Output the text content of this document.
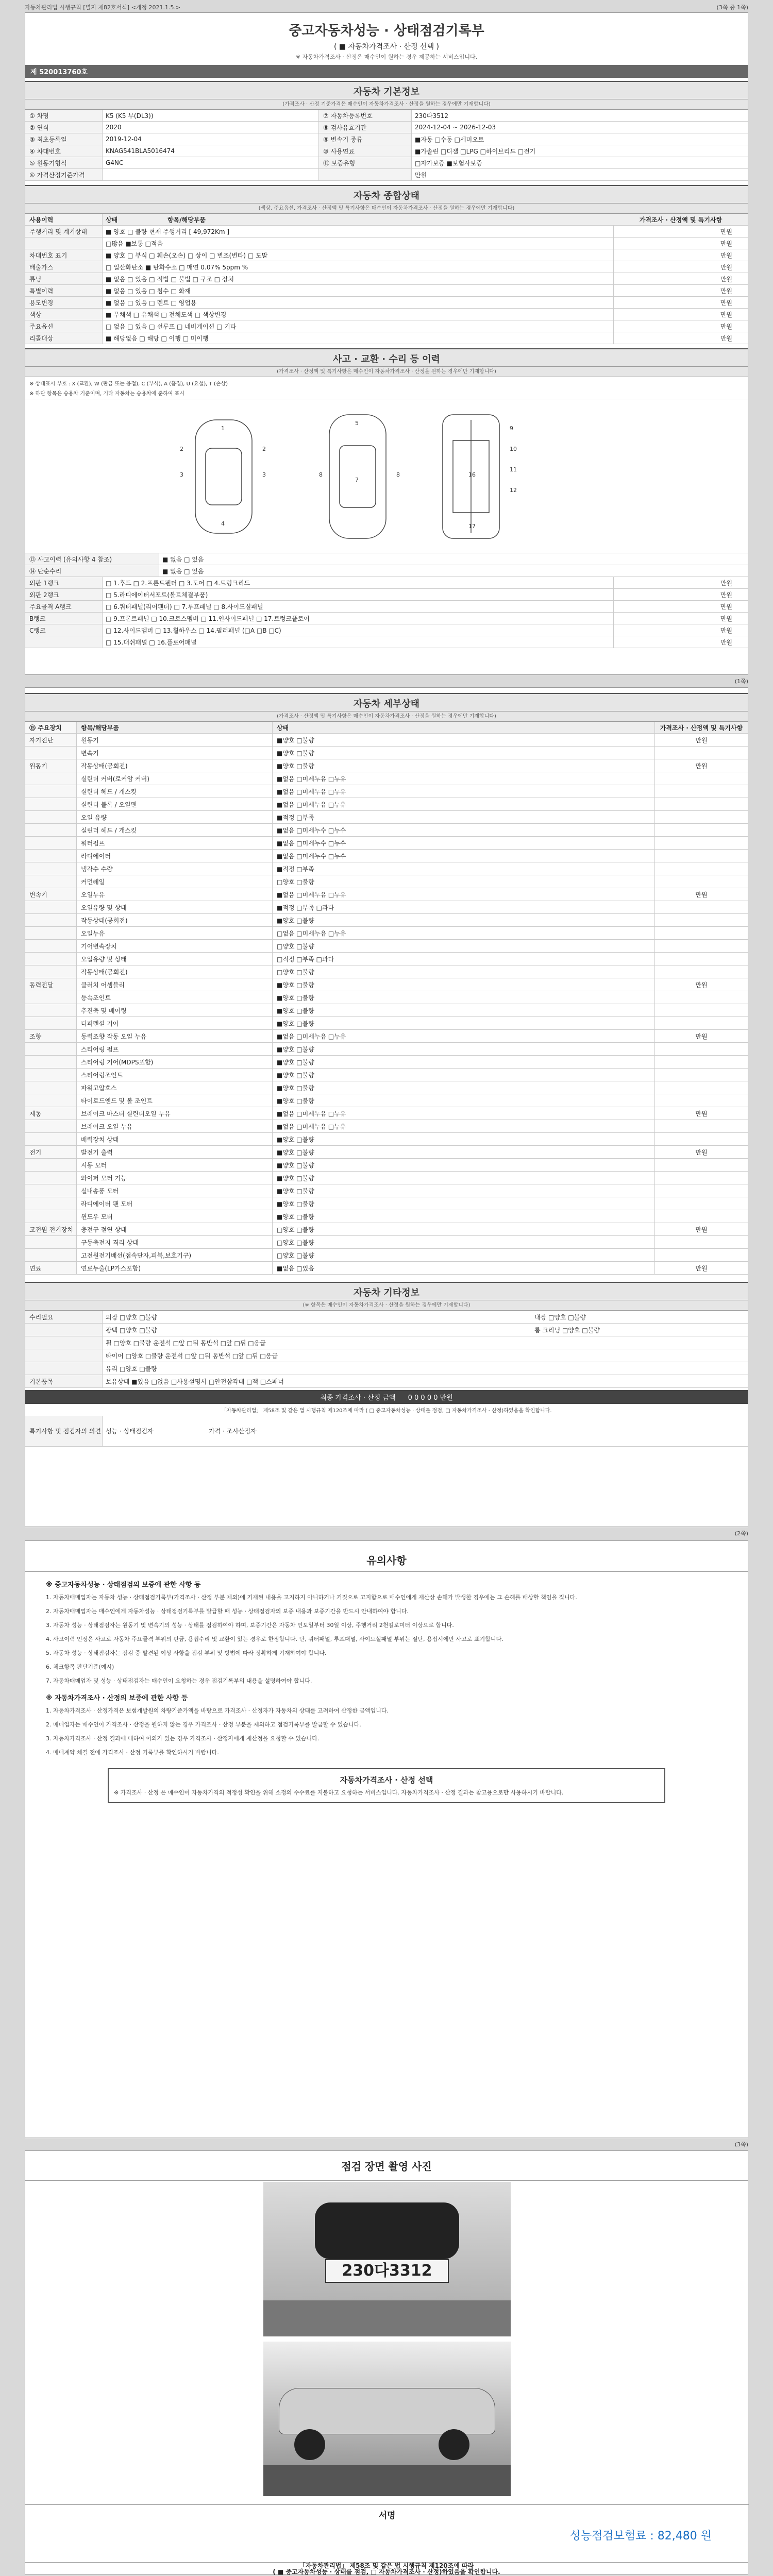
자동차관리법 시행규칙 [별지 제82호서식] <개정 2021.1.5.>	(3쪽 중 1쪽)
중고자동차성능 · 상태점검기록부
( ■ 자동차가격조사 · 산정 선택 )
※ 자동차가격조사 · 산정은 매수인이 원하는 경우 제공하는 서비스입니다.
제 520013760호
자동차 기본정보
(가격조사 · 산정 기준가격은 매수인이 자동차가격조사 · 산정을 원하는 경우에만 기재합니다)
① 차명	K5 (K5 부(DL3))	⑦ 자동차등록번호	230다3512
② 연식	2020	⑧ 검사유효기간	2024-12-04 ~ 2026-12-03
③ 최초등록일	2019-12-04	⑨ 변속기 종류	■자동 □수동 □세미오토
④ 차대번호	KNAG541BLA5016474	⑩ 사용연료	■가솔린 □디젤 □LPG □하이브리드 □전기
⑤ 원동기형식	G4NC	⑪ 보증유형	□자가보증 ■보험사보증
⑥ 가격산정기준가격	만원
자동차 종합상태
(색상, 주요옵션, 가격조사 · 산정액 및 특기사항은 매수인이 자동차가격조사 · 산정을 원하는 경우에만 기재합니다)
사용이력	상태	항목/해당부품	가격조사 · 산정액 및 특기사항
주행거리 및 계기상태	■ 양호 □ 불량 현재 주행거리 [ 49,972Km ]	만원
□많음 ■보통 □적음	만원
차대번호 표기	■ 양호 □ 부식 □ 훼손(오손) □ 상이 □ 변조(변타) □ 도말	만원
배출가스	□ 일산화탄소 ■ 탄화수소 □ 매연 0.07% 5ppm %	만원
튜닝	■ 없음 □ 있음 □ 적법 □ 불법 □ 구조 □ 장치	만원
특별이력	■ 없음 □ 있음 □ 침수 □ 화재	만원
용도변경	■ 없음 □ 있음 □ 렌트 □ 영업용	만원
색상	■ 무채색 □ 유채색 □ 전체도색 □ 색상변경	만원
주요옵션	□ 없음 □ 있음 □ 선루프 □ 네비게이션 □ 기타	만원
리콜대상	■ 해당없음 □ 해당 □ 이행 □ 미이행	만원
사고 · 교환 · 수리 등 이력
(가격조사 · 산정액 및 특기사항은 매수인이 자동차가격조사 · 산정을 원하는 경우에만 기재합니다)
※ 상태표시 부호 : X (교환), W (판금 또는 용접), C (부식), A (흠집), U (요철), T (손상)
※ 하단 항목은 승용차 기준이며, 기타 자동차는 승용차에 준하여 표시
1
2	2
3	3
4
5
7
8	8
9
10
11
12
16
17
⑬ 사고이력 (유의사항 4 참조)	■ 없음 □ 있음
⑭ 단순수리	■ 없음 □ 있음
외판 1랭크	□ 1.후드 □ 2.프론트펜더 □ 3.도어 □ 4.트렁크리드	만원
외판 2랭크	□ 5.라디에이터서포트(볼트체결부품)	만원
주요골격 A랭크	□ 6.쿼터패널(리어펜더) □ 7.루프패널 □ 8.사이드실패널	만원
B랭크	□ 9.프론트패널 □ 10.크로스멤버 □ 11.인사이드패널 □ 17.트렁크플로어	만원
C랭크	□ 12.사이드멤버 □ 13.휠하우스 □ 14.필러패널 (□A □B □C)	만원
□ 15.대쉬패널 □ 16.플로어패널	만원
(1쪽)
자동차 세부상태
(가격조사 · 산정액 및 특기사항은 매수인이 자동차가격조사 · 산정을 원하는 경우에만 기재합니다)
⑮ 주요장치	항목/해당부품	상태	가격조사 · 산정액 및 특기사항
자기진단	원동기	■양호 □불량	만원
변속기	■양호 □불량
원동기	작동상태(공회전)	■양호 □불량	만원
실린더 커버(로커암 커버)	■없음 □미세누유 □누유
실린더 헤드 / 개스킷	■없음 □미세누유 □누유
실린더 블록 / 오일팬	■없음 □미세누유 □누유
오일 유량	■적정 □부족
실린더 헤드 / 개스킷	■없음 □미세누수 □누수
워터펌프	■없음 □미세누수 □누수
라디에이터	■없음 □미세누수 □누수
냉각수 수량	■적정 □부족
커먼레일	□양호 □불량
변속기	오일누유	■없음 □미세누유 □누유	만원
오일유량 및 상태	■적정 □부족 □과다
작동상태(공회전)	■양호 □불량
오일누유	□없음 □미세누유 □누유
기어변속장치	□양호 □불량
오일유량 및 상태	□적정 □부족 □과다
작동상태(공회전)	□양호 □불량
동력전달	클러치 어셈블리	■양호 □불량	만원
등속조인트	■양호 □불량
추진축 및 베어링	■양호 □불량
디퍼렌셜 기어	■양호 □불량
조향	동력조향 작동 오일 누유	■없음 □미세누유 □누유	만원
스티어링 펌프	■양호 □불량
스티어링 기어(MDPS포함)	■양호 □불량
스티어링조인트	■양호 □불량
파워고압호스	■양호 □불량
타이로드엔드 및 볼 조인트	■양호 □불량
제동	브레이크 마스터 실린더오일 누유	■없음 □미세누유 □누유	만원
브레이크 오일 누유	■없음 □미세누유 □누유
배력장치 상태	■양호 □불량
전기	발전기 출력	■양호 □불량	만원
시동 모터	■양호 □불량
와이퍼 모터 기능	■양호 □불량
실내송풍 모터	■양호 □불량
라디에이터 팬 모터	■양호 □불량
윈도우 모터	■양호 □불량
고전원 전기장치	충전구 절연 상태	□양호 □불량	만원
구동축전지 격리 상태	□양호 □불량
고전원전기배선(접속단자,피복,보호기구)	□양호 □불량
연료	연료누출(LP가스포함)	■없음 □있음	만원
자동차 기타정보
(※ 항목은 매수인이 자동차가격조사 · 산정을 원하는 경우에만 기재합니다)
수리필요	외장 □양호 □불량	내장 □양호 □불량
광택 □양호 □불량	룸 크리닝 □양호 □불량
휠 □양호 □불량 운전석 □앞 □뒤 동반석 □앞 □뒤 □응급
타이어 □양호 □불량 운전석 □앞 □뒤 동반석 □앞 □뒤 □응급
유리 □양호 □불량
기본품목	보유상태 ■있음 □없음 □사용설명서 □안전삼각대 □잭 □스패너
최종 가격조사 · 산정 금액 0 0 0 0 0 만원
「자동차관리법」 제58조 및 같은 법 시행규칙 제120조에 따라 ( □ 중고자동차성능 · 상태를 점검, □ 자동차가격조사 · 산정)하였음을 확인합니다.
특기사항 및 점검자의 의견 성능 · 상태점검자	가격 · 조사산정자
(2쪽)
유의사항
※ 중고자동차성능 · 상태점검의 보증에 관한 사항 등
1. 자동차매매업자는 자동차 성능 · 상태점검기록부(가격조사 · 산정 부분 제외)에 기재된 내용을 고지하지 아니하거나 거짓으로 고지함으로 매수인에게 재산상 손해가 발생한 경우에는 그 손해를 배상할 책임을 집니다.
2. 자동차매매업자는 매수인에게 자동차성능 · 상태점검기록부를 발급할 때 성능 · 상태점검자의 보증 내용과 보증기간을 반드시 안내하여야 합니다.
3. 자동차 성능 · 상태점검자는 원동기 및 변속기의 성능 · 상태를 점검하여야 하며, 보증기간은 자동차 인도일부터 30일 이상, 주행거리 2천킬로미터 이상으로 합니다.
4. 사고이력 인정은 사고로 자동차 주요골격 부위의 판금, 용접수리 및 교환이 있는 경우로 한정합니다. 단, 쿼터패널, 루프패널, 사이드실패널 부위는 절단, 용접시에만 사고로 표기합니다.
5. 자동차 성능 · 상태점검자는 점검 중 발견된 이상 사항을 점검 부위 및 방법에 따라 정확하게 기재하여야 합니다.
6. 체크항목 판단기준(예시)
7. 자동차매매업자 및 성능 · 상태점검자는 매수인이 요청하는 경우 점검기록부의 내용을 설명하여야 합니다.
※ 자동차가격조사 · 산정의 보증에 관한 사항 등
1. 자동차가격조사 · 산정가격은 보험개발원의 차량기준가액을 바탕으로 가격조사 · 산정자가 자동차의 상태를 고려하여 산정한 금액입니다.
2. 매매업자는 매수인이 가격조사 · 산정을 원하지 않는 경우 가격조사 · 산정 부분을 제외하고 점검기록부를 발급할 수 있습니다.
3. 자동차가격조사 · 산정 결과에 대하여 이의가 있는 경우 가격조사 · 산정자에게 재산정을 요청할 수 있습니다.
4. 매매계약 체결 전에 가격조사 · 산정 기록부를 확인하시기 바랍니다.
자동차가격조사 · 산정 선택
※ 가격조사 · 산정 은 매수인이 자동차가격의 적정성 확인을 위해 소정의 수수료를 지불하고 요청하는 서비스입니다. 자동차가격조사 · 산정 결과는 참고용으로만 사용하시기 바랍니다.
(3쪽)
점검 장면 촬영 사진
230다3312
서명
성능점검보험료 : 82,480 원
「자동차관리법」 제58조 및 같은 법 시행규칙 제120조에 따라
( ■ 중고자동차성능 · 상태를 점검, □ 자동차가격조사 · 산정)하였음을 확인합니다.
